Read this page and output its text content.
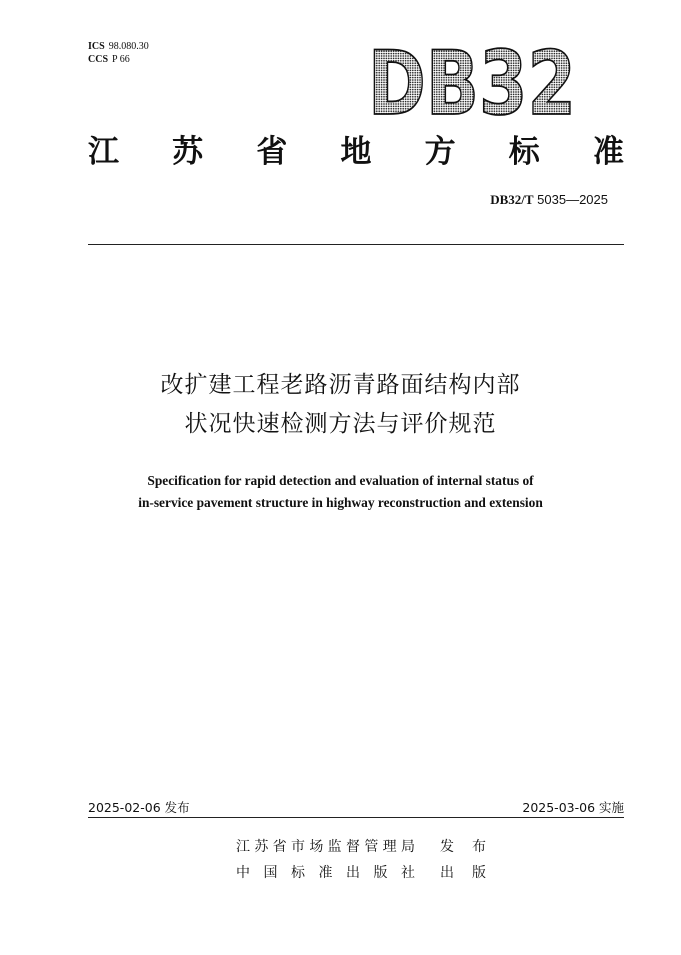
ICS 98.080.30
CCS P 66	DB32
江 苏 省 地 方 标 准
DB32/T 5035—2025
改扩建工程老路沥青路面结构内部
状况快速检测方法与评价规范
Specification for rapid detection and evaluation of internal status of
in-service pavement structure in highway reconstruction and extension
2025-02-06 发布	2025-03-06 实施
江苏省市场监督管理局 发布
中国标准出版社 出版
